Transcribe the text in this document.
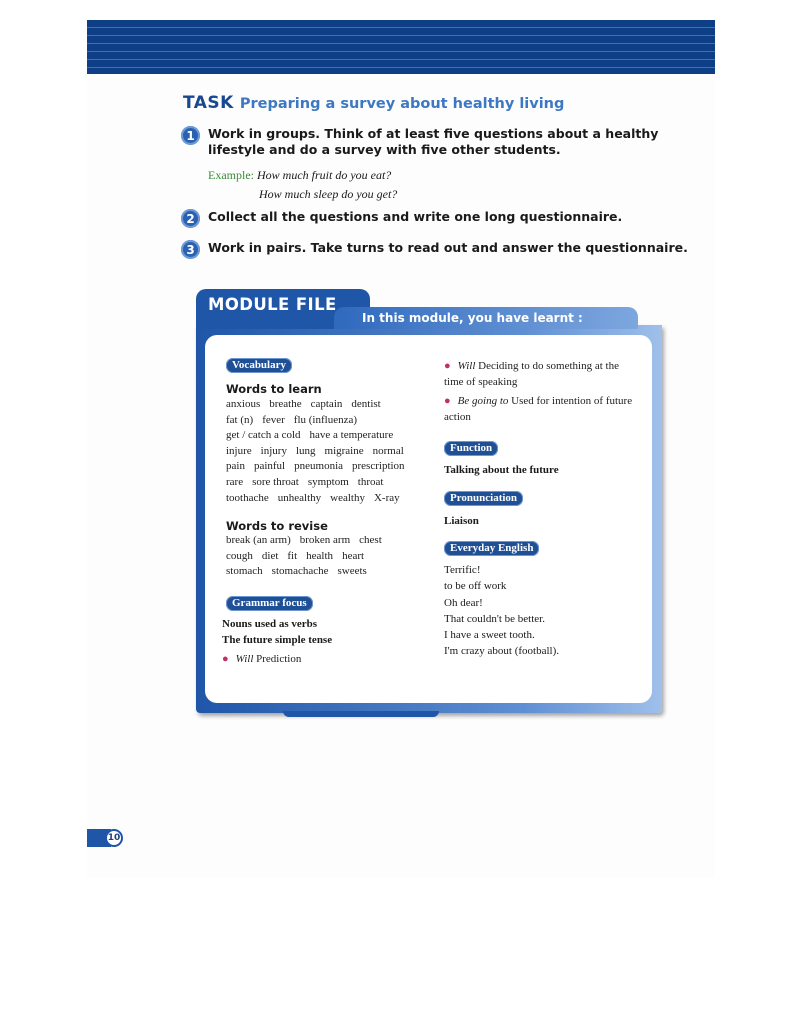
TASK Preparing a survey about healthy living
1	Work in groups. Think of at least five questions about a healthy lifestyle and do a survey with five other students.
Example: How much fruit do you eat?
How much sleep do you get?
2	Collect all the questions and write one long questionnaire.
3	Work in pairs. Take turns to read out and answer the questionnaire.
MODULE FILE
In this module, you have learnt :
Vocabulary
Words to learn
anxious breathe captain dentist
fat (n) fever flu (influenza)
get / catch a cold have a temperature
injure injury lung migraine normal
pain painful pneumonia prescription
rare sore throat symptom throat
toothache unhealthy wealthy X-ray
Words to revise
break (an arm) broken arm chest
cough diet fit health heart
stomach stomachache sweets
Grammar focus
Nouns used as verbs
The future simple tense
● Will Prediction
● Will Deciding to do something at the time of speaking
● Be going to Used for intention of future action
Function
Talking about the future
Pronunciation
Liaison
Everyday English
Terrific!
to be off work
Oh dear!
That couldn't be better.
I have a sweet tooth.
I'm crazy about (football).
10
